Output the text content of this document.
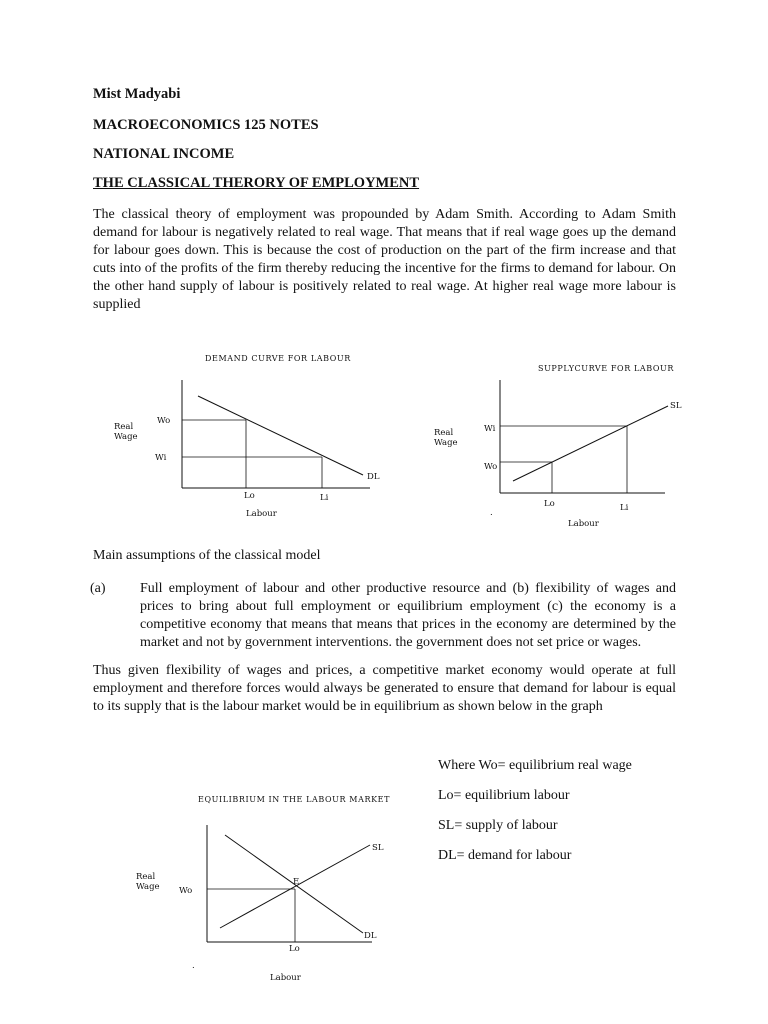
Mist Madyabi
MACROECONOMICS 125 NOTES
NATIONAL INCOME
THE CLASSICAL THERORY OF EMPLOYMENT
The classical theory of employment was propounded by Adam Smith. According to Adam Smith demand for labour is negatively related to real wage. That means that if real wage goes up the demand for labour goes down. This is because the cost of production on the part of the firm increase and that cuts into of the profits of the firm thereby reducing the incentive for the firms to demand for labour. On the other hand supply of labour is positively related to real wage. At higher real wage more labour is supplied
DEMAND CURVE FOR LABOUR
Real
Wage
Wo
Wi
DL
Lo	Li
Labour
SUPPLYCURVE FOR LABOUR
Real
Wage
Wi
Wo
SL
Lo	Li
Labour
.
Main assumptions of the classical model
(a) Full employment of labour and other productive resource and (b) flexibility of wages and prices to bring about full employment or equilibrium employment (c) the economy is a competitive economy that means that means that prices in the economy are determined by the market and not by government interventions. the government does not set price or wages.
Thus given flexibility of wages and prices, a competitive market economy would operate at full employment and therefore forces would always be generated to ensure that demand for labour is equal to its supply that is the labour market would be in equilibrium as shown below in the graph
EQUILIBRIUM IN THE LABOUR MARKET
Real
Wage Wo
E
SL
DL
Lo
Labour
.
Where Wo= equilibrium real wage
Lo= equilibrium labour
SL= supply of labour
DL= demand for labour
